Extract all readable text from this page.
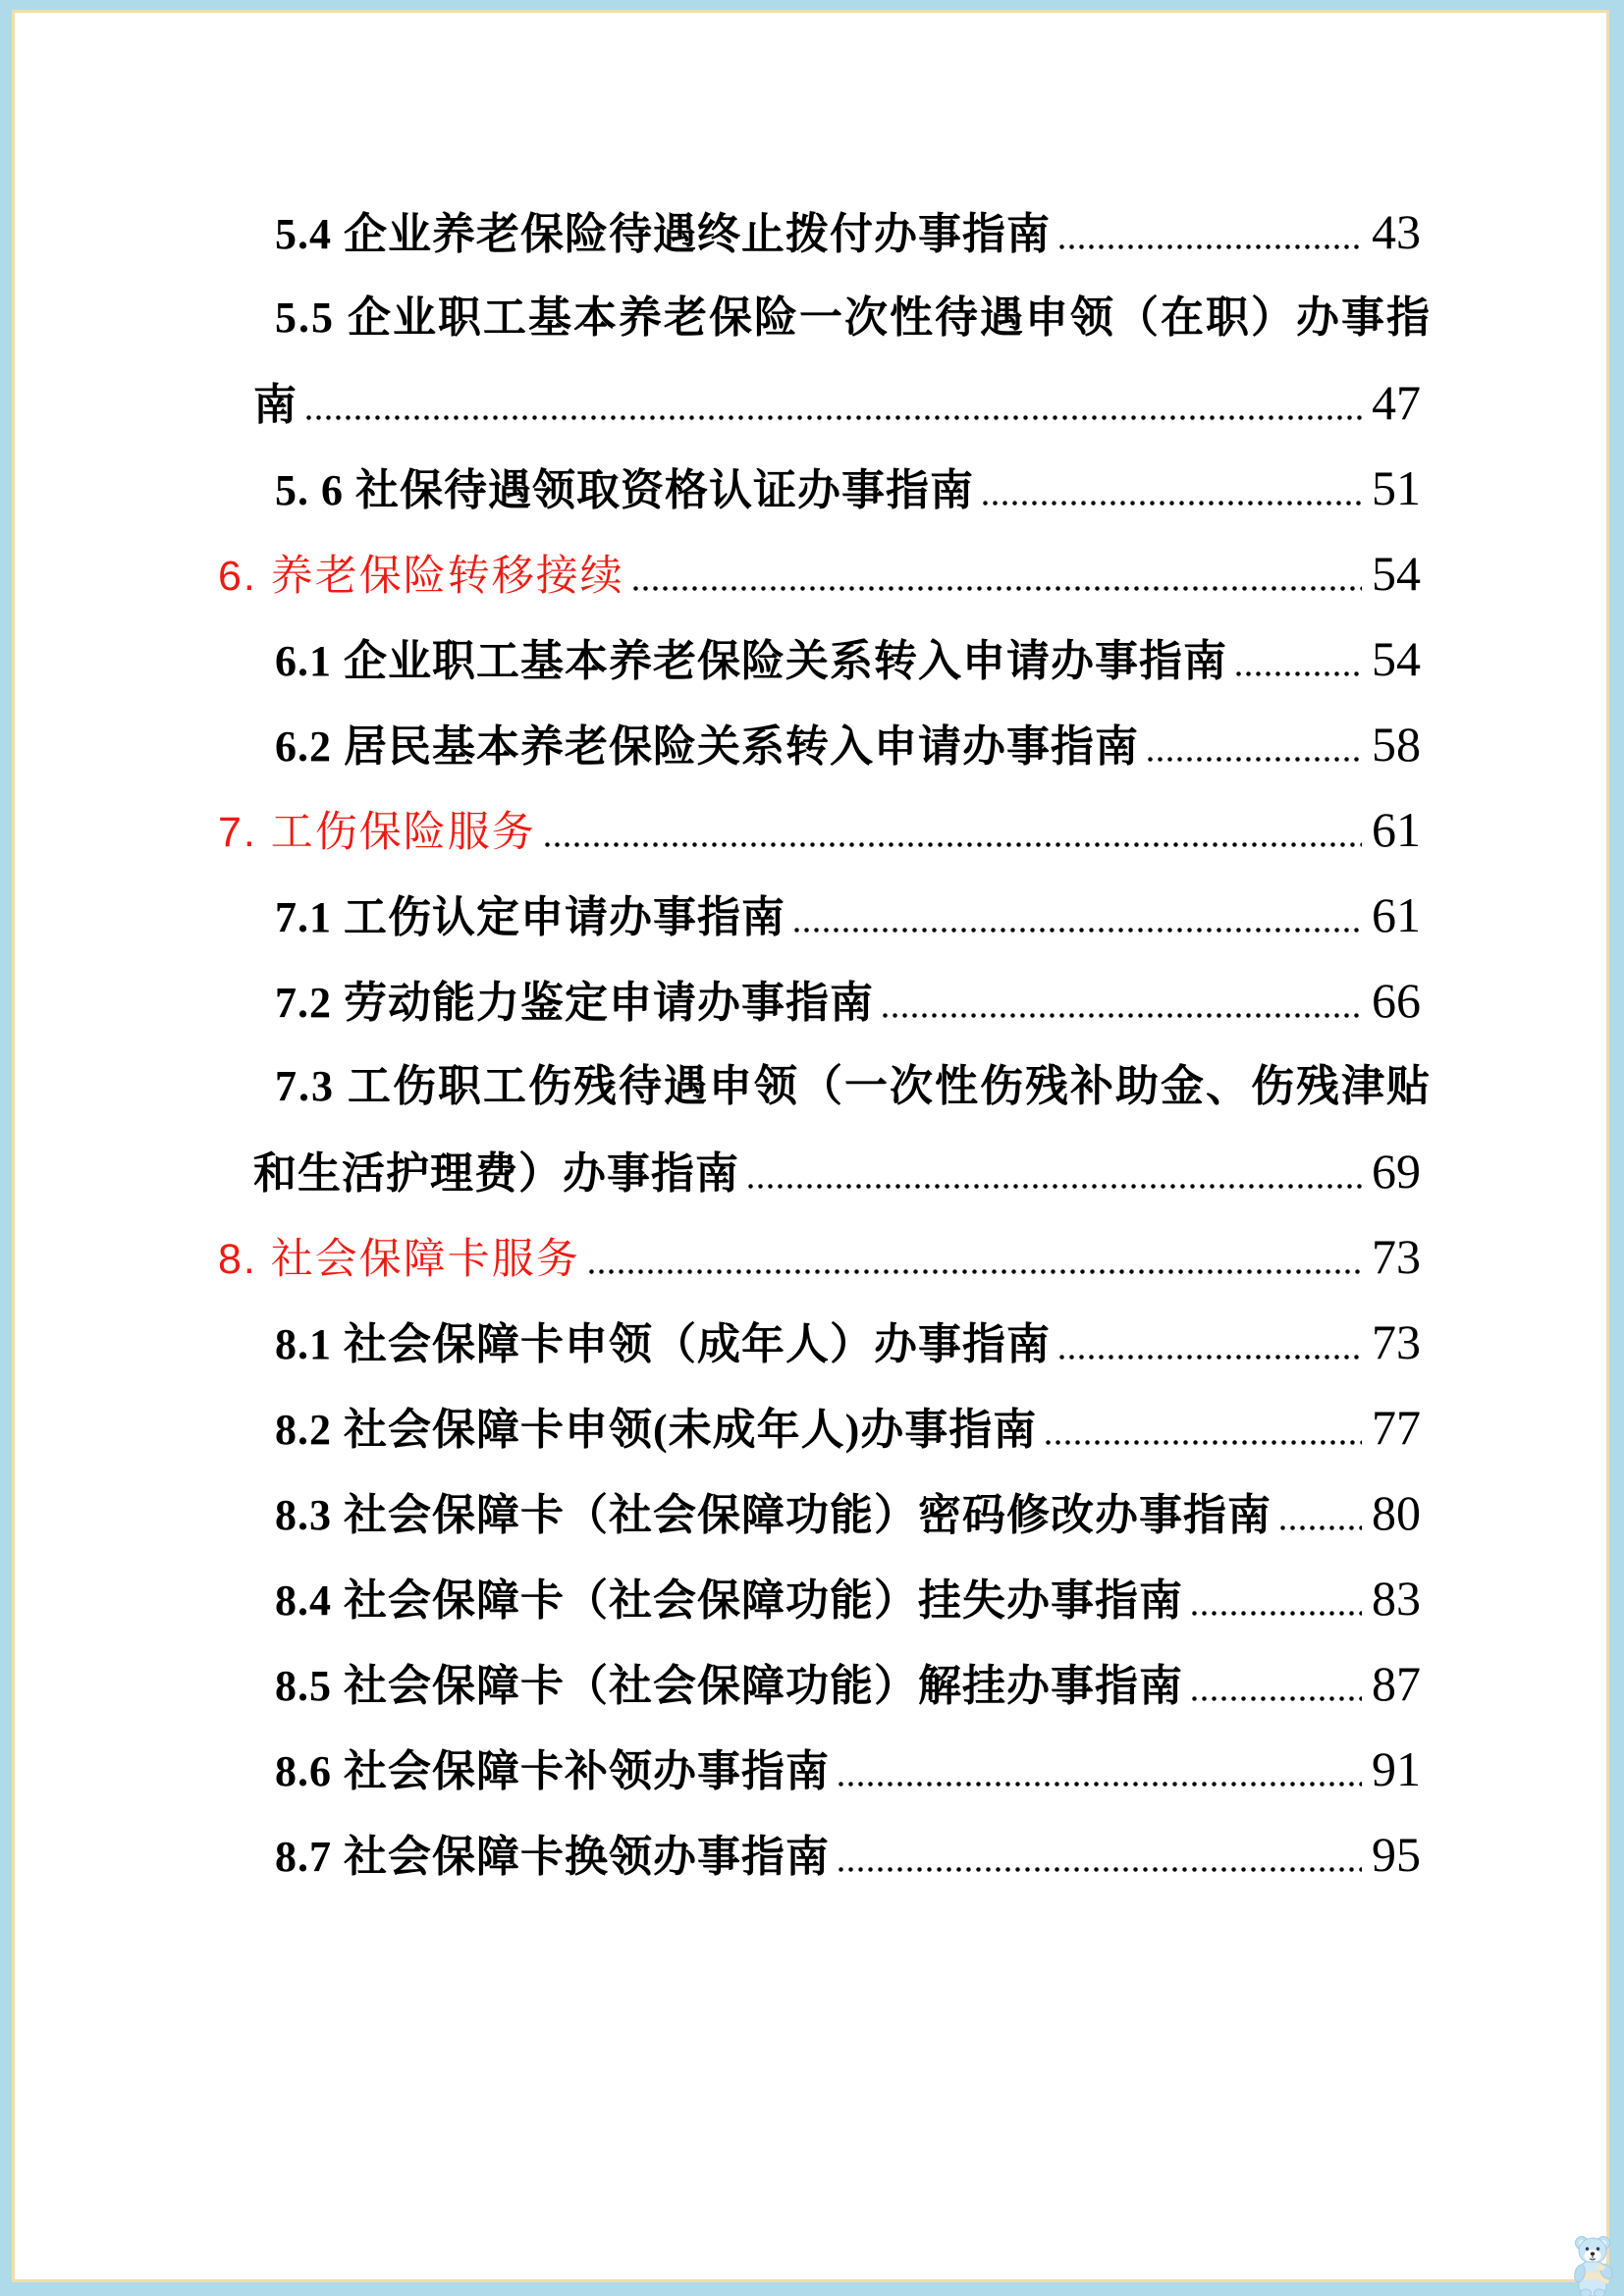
5.4 企业养老保险待遇终止拨付办事指南	43
5.5 企业职工基本养老保险一次性待遇申领（在职）办事指
南	47
5. 6 社保待遇领取资格认证办事指南	51
6. 养老保险转移接续	54
6.1 企业职工基本养老保险关系转入申请办事指南	54
6.2 居民基本养老保险关系转入申请办事指南	58
7. 工伤保险服务	61
7.1 工伤认定申请办事指南	61
7.2 劳动能力鉴定申请办事指南	66
7.3 工伤职工伤残待遇申领（一次性伤残补助金、伤残津贴
和生活护理费）办事指南	69
8. 社会保障卡服务	73
8.1 社会保障卡申领（成年人）办事指南	73
8.2 社会保障卡申领(未成年人)办事指南	77
8.3 社会保障卡（社会保障功能）密码修改办事指南 80
8.4 社会保障卡（社会保障功能）挂失办事指南	83
8.5 社会保障卡（社会保障功能）解挂办事指南	87
8.6 社会保障卡补领办事指南	91
8.7 社会保障卡换领办事指南	95
